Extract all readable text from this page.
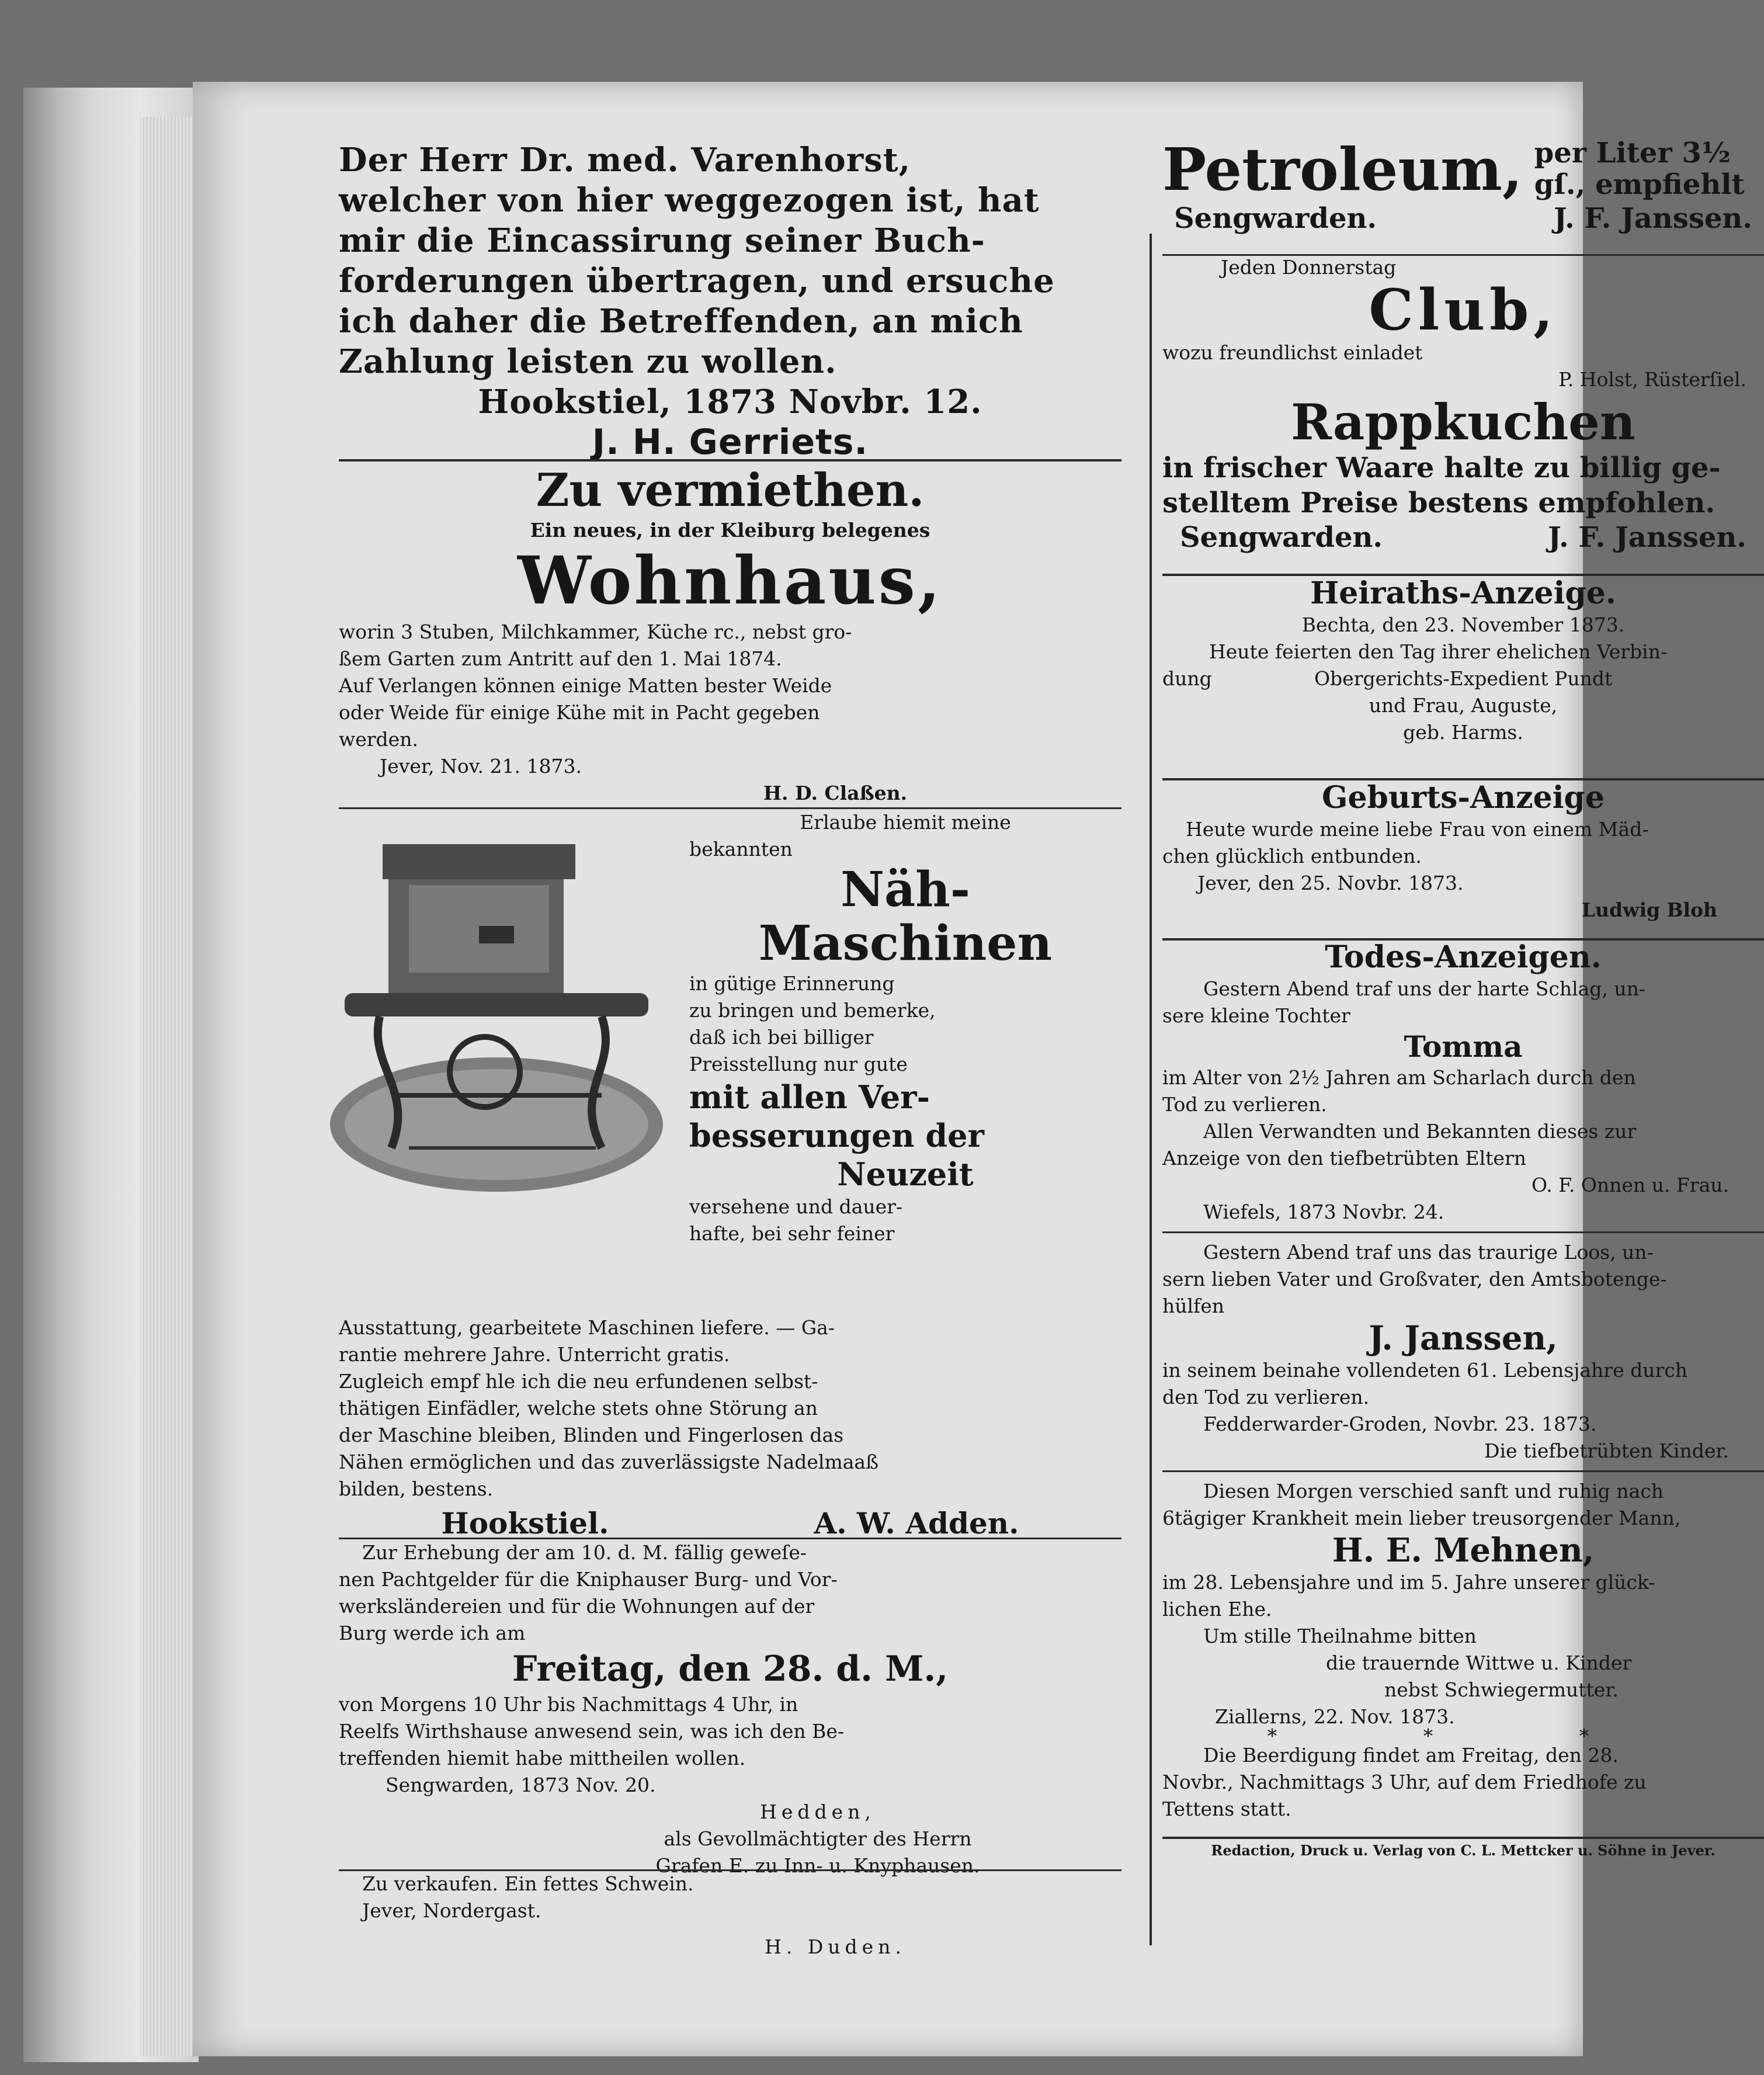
Der Herr Dr. med. Varenhorst,
welcher von hier weggezogen ist, hat
mir die Eincassirung seiner Buch-
forderungen übertragen, und ersuche
ich daher die Betreffenden, an mich
Zahlung leisten zu wollen.
Hookstiel, 1873 Novbr. 12.
J. H. Gerriets.
Zu vermiethen.
Ein neues, in der Kleiburg belegenes
Wohnhaus,
worin 3 Stuben, Milchkammer, Küche rc., nebst gro-
ßem Garten zum Antritt auf den 1. Mai 1874.
Auf Verlangen können einige Matten bester Weide
oder Weide für einige Kühe mit in Pacht gegeben
werden.
Jever, Nov. 21. 1873.
H. D. Claßen.
Erlaube hiemit meine
bekannten
Näh-
Maschinen
in gütige Erinnerung
zu bringen und bemerke,
daß ich bei billiger
Preisstellung nur gute
mit allen Ver-
besserungen der
Neuzeit
versehene und dauer-
hafte, bei sehr feiner
Ausstattung, gearbeitete Maschinen liefere. — Ga-
rantie mehrere Jahre. Unterricht gratis.
Zugleich empf hle ich die neu erfundenen selbst-
thätigen Einfädler, welche stets ohne Störung an
der Maschine bleiben, Blinden und Fingerlosen das
Nähen ermöglichen und das zuverlässigste Nadelmaaß
bilden, bestens.
Hookstiel.	A. W. Adden.
Zur Erhebung der am 10. d. M. fällig geweſe-
nen Pachtgelder für die Kniphauser Burg- und Vor-
werksländereien und für die Wohnungen auf der
Burg werde ich am
Freitag, den 28. d. M.,
von Morgens 10 Uhr bis Nachmittags 4 Uhr, in
Reelfs Wirthshause anwesend sein, was ich den Be-
treffenden hiemit habe mittheilen wollen.
Sengwarden, 1873 Nov. 20.
Hedden,
als Gevollmächtigter des Herrn
Grafen E. zu Inn- u. Knyphausen.
Zu verkaufen. Ein fettes Schwein.
Jever, Nordergast.
H. Duden.
Petroleum, per Liter 3½
gſ., empfiehlt
Sengwarden.	J. F. Janssen.
Jeden Donnerstag
Club,
wozu freundlichst einladet
P. Holst, Rüsterſiel.
Rappkuchen
in frischer Waare halte zu billig ge-
stelltem Preise bestens empfohlen.
Sengwarden.	J. F. Janssen.
Heiraths-Anzeige.
Bechta, den 23. November 1873.
Heute feierten den Tag ihrer ehelichen Verbin-
dung	Obergerichts-Expedient Pundt
und Frau, Auguste,
geb. Harms.
Geburts-Anzeige
Heute wurde meine liebe Frau von einem Mäd-
chen glücklich entbunden.
Jever, den 25. Novbr. 1873.
Ludwig Bloh
Todes-Anzeigen.
Gestern Abend traf uns der harte Schlag, un-
sere kleine Tochter
Tomma
im Alter von 2½ Jahren am Scharlach durch den
Tod zu verlieren.
Allen Verwandten und Bekannten dieses zur
Anzeige von den tiefbetrübten Eltern
O. F. Onnen u. Frau.
Wiefels, 1873 Novbr. 24.
Gestern Abend traf uns das traurige Loos, un-
sern lieben Vater und Großvater, den Amtsbotenge-
hülfen
J. Janssen,
in seinem beinahe vollendeten 61. Lebensjahre durch
den Tod zu verlieren.
Fedderwarder-Groden, Novbr. 23. 1873.
Die tiefbetrübten Kinder.
Diesen Morgen verschied sanft und ruhig nach
6tägiger Krankheit mein lieber treusorgender Mann,
H. E. Mehnen,
im 28. Lebensjahre und im 5. Jahre unserer glück-
lichen Ehe.
Um stille Theilnahme bitten
die trauernde Wittwe u. Kinder
nebst Schwiegermutter.
Ziallerns, 22. Nov. 1873.
* * *
Die Beerdigung findet am Freitag, den 28.
Novbr., Nachmittags 3 Uhr, auf dem Friedhofe zu
Tettens statt.
Redaction, Druck u. Verlag von C. L. Mettcker u. Söhne in Jever.
